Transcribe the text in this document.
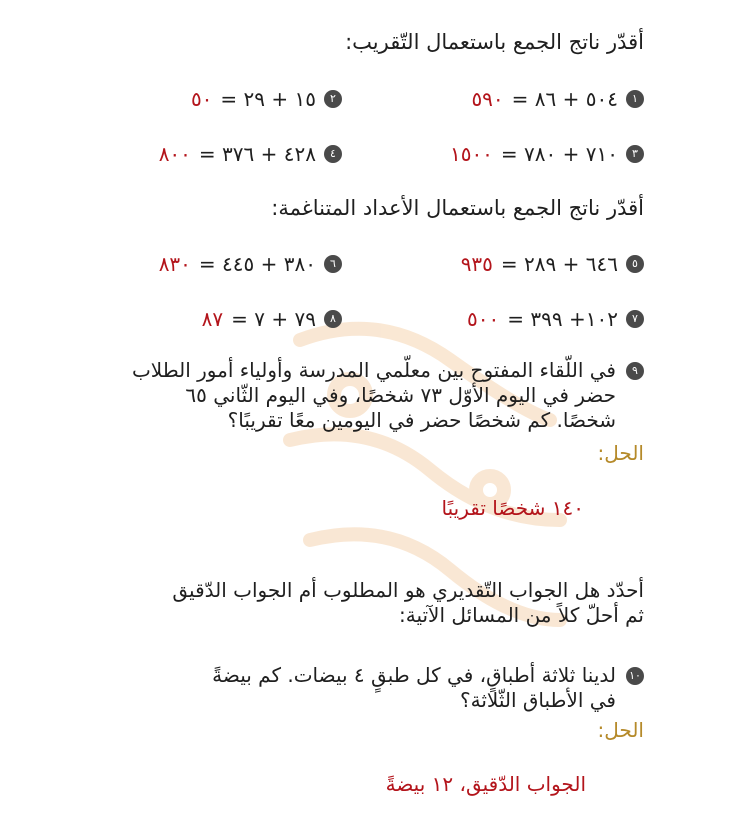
أقدّر ناتج الجمع باستعمال التّقريب:
١
٥٠٤ + ٨٦ =
٥٩٠
٢
١٥ + ٢٩ =
٥٠
٣
٧١٠ + ٧٨٠ =
١٥٠٠
٤
٤٢٨ + ٣٧٦ =
٨٠٠
أقدّر ناتج الجمع باستعمال الأعداد المتناغمة:
٥
٦٤٦ + ٢٨٩ =
٩٣٥
٦
٣٨٠ + ٤٤٥ =
٨٣٠
٧
١٠٢+ ٣٩٩ =
٥٠٠
٨
٧٩ + ٧ =
٨٧
٩
في اللّقاء المفتوح بين معلّمي المدرسة وأولياء أمور الطلاب
حضر في اليوم الأوّل ٧٣ شخصًا، وفي اليوم الثّاني ٦٥
شخصًا. كم شخصًا حضر في اليومين معًا تقريبًا؟
الحل:
١٤٠ شخصًا تقريبًا
أحدّد هل الجواب التّقديري هو المطلوب أم الجواب الدّقيق
ثم أحلّ كلاً من المسائل الآتية:
١٠
لدينا ثلاثة أطباقٍ، في كل طبقٍ ٤ بيضات. كم بيضةً
في الأطباق الثّلاثة؟
الحل:
الجواب الدّقيق، ١٢ بيضةً
